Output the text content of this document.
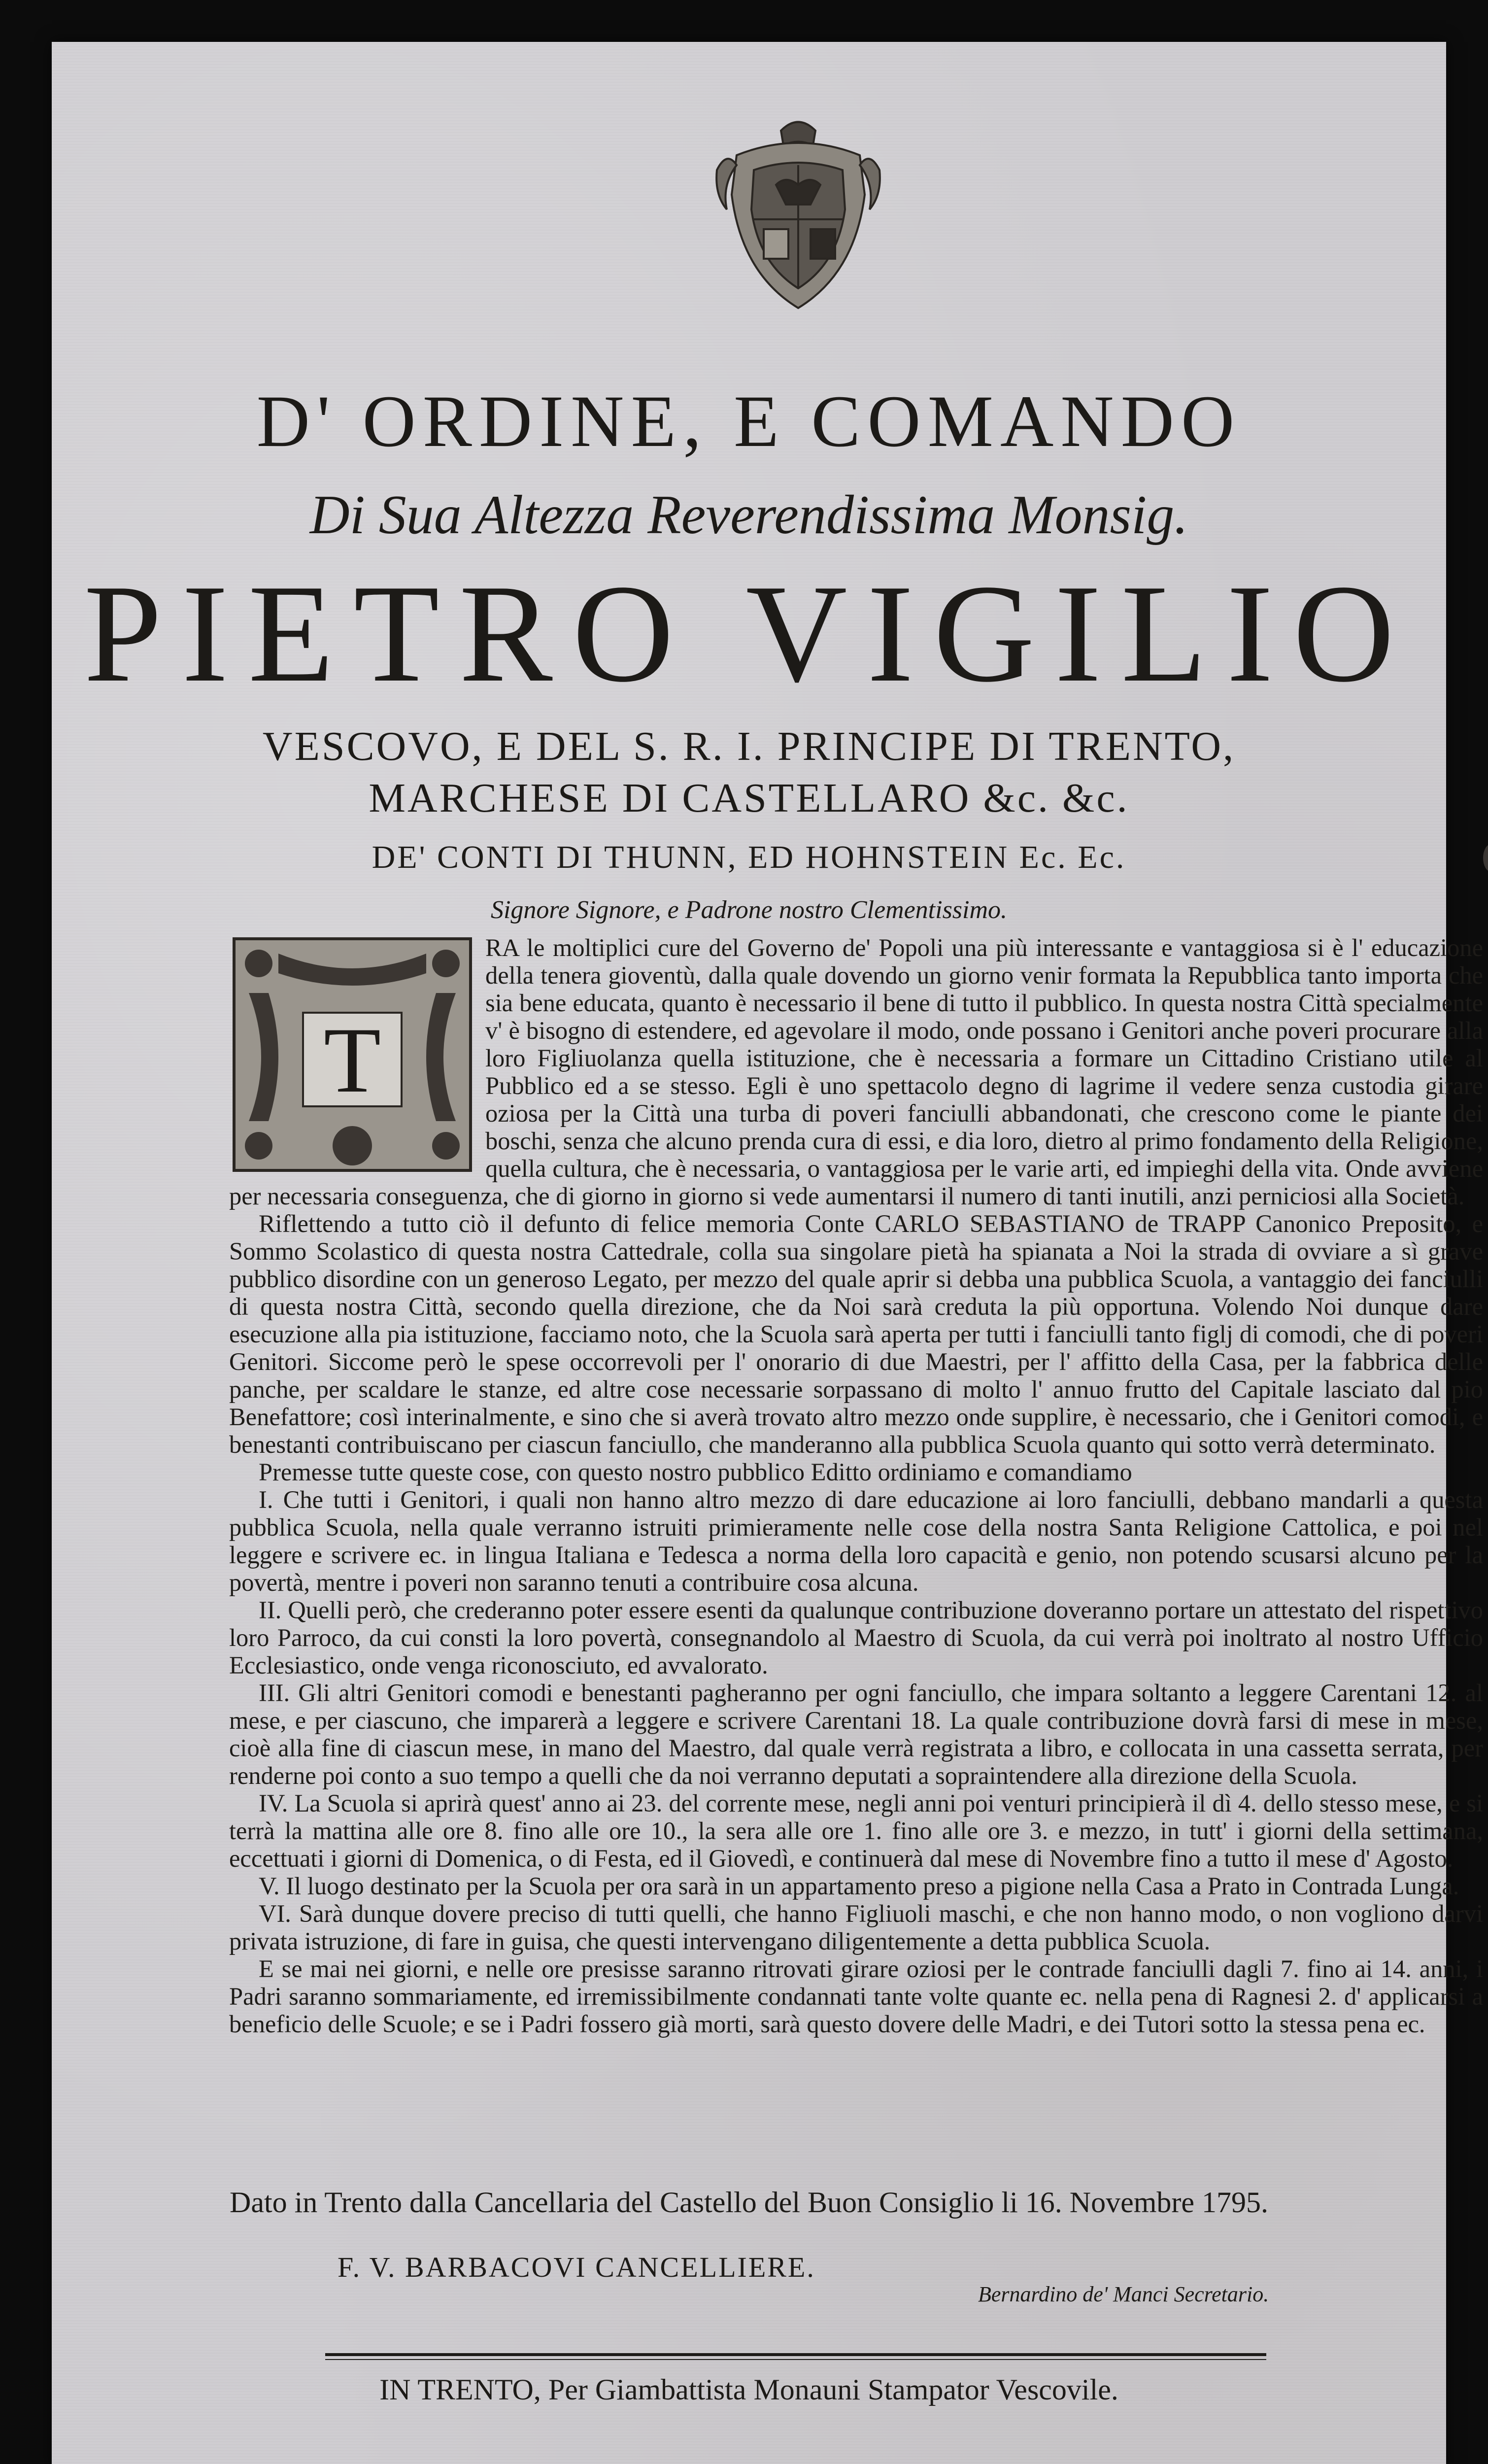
D' ORDINE, E COMANDO
Di Sua Altezza Reverendissima Monsig.
PIETRO VIGILIO
VESCOVO, E DEL S. R. I. PRINCIPE DI TRENTO,
MARCHESE DI CASTELLARO &c. &c.
DE' CONTI DI THUNN, ED HOHNSTEIN Ec. Ec.
Signore Signore, e Padrone nostro Clementissimo.
T

RA le moltiplici cure del Governo de' Popoli una più interessante e vantaggiosa si è l' educazione della tenera gioventù, dalla quale dovendo un giorno venir formata la Repubblica tanto importa che sia bene educata, quanto è necessario il bene di tutto il pubblico. In questa nostra Città specialmente v' è bisogno di estendere, ed agevolare il modo, onde possano i Genitori anche poveri procurare alla loro Figliuolanza quella istituzione, che è necessaria a formare un Cittadino Cristiano utile al Pubblico ed a se stesso. Egli è uno spettacolo degno di lagrime il vedere senza custodia girare oziosa per la Città una turba di poveri fanciulli abbandonati, che crescono come le piante dei boschi, senza che alcuno prenda cura di essi, e dia loro, dietro al primo fondamento della Religione, quella cultura, che è necessaria, o vantaggiosa per le varie arti, ed impieghi della vita. Onde avviene per necessaria conseguenza, che di giorno in giorno si vede aumentarsi il numero di tanti inutili, anzi perniciosi alla Società.

Riflettendo a tutto ciò il defunto di felice memoria Conte CARLO SEBASTIANO de TRAPP Canonico Preposito, e Sommo Scolastico di questa nostra Cattedrale, colla sua singolare pietà ha spianata a Noi la strada di ovviare a sì grave pubblico disordine con un generoso Legato, per mezzo del quale aprir si debba una pubblica Scuola, a vantaggio dei fanciulli di questa nostra Città, secondo quella direzione, che da Noi sarà creduta la più opportuna. Volendo Noi dunque dare esecuzione alla pia istituzione, facciamo noto, che la Scuola sarà aperta per tutti i fanciulli tanto figlj di comodi, che di poveri Genitori. Siccome però le spese occorrevoli per l' onorario di due Maestri, per l' affitto della Casa, per la fabbrica delle panche, per scaldare le stanze, ed altre cose necessarie sorpassano di molto l' annuo frutto del Capitale lasciato dal pio Benefattore; così interinalmente, e sino che si averà trovato altro mezzo onde supplire, è necessario, che i Genitori comodi, e benestanti contribuiscano per ciascun fanciullo, che manderanno alla pubblica Scuola quanto qui sotto verrà determinato.

Premesse tutte queste cose, con questo nostro pubblico Editto ordiniamo e comandiamo

I. Che tutti i Genitori, i quali non hanno altro mezzo di dare educazione ai loro fanciulli, debbano mandarli a questa pubblica Scuola, nella quale verranno istruiti primieramente nelle cose della nostra Santa Religione Cattolica, e poi nel leggere e scrivere ec. in lingua Italiana e Tedesca a norma della loro capacità e genio, non potendo scusarsi alcuno per la povertà, mentre i poveri non saranno tenuti a contribuire cosa alcuna.

II. Quelli però, che crederanno poter essere esenti da qualunque contribuzione doveranno portare un attestato del rispettivo loro Parroco, da cui consti la loro povertà, consegnandolo al Maestro di Scuola, da cui verrà poi inoltrato al nostro Ufficio Ecclesiastico, onde venga riconosciuto, ed avvalorato.

III. Gli altri Genitori comodi e benestanti pagheranno per ogni fanciullo, che impara soltanto a leggere Carentani 12. al mese, e per ciascuno, che imparerà a leggere e scrivere Carentani 18. La quale contribuzione dovrà farsi di mese in mese, cioè alla fine di ciascun mese, in mano del Maestro, dal quale verrà registrata a libro, e collocata in una cassetta serrata, per renderne poi conto a suo tempo a quelli che da noi verranno deputati a sopraintendere alla direzione della Scuola.

IV. La Scuola si aprirà quest' anno ai 23. del corrente mese, negli anni poi venturi principierà il dì 4. dello stesso mese, e si terrà la mattina alle ore 8. fino alle ore 10., la sera alle ore 1. fino alle ore 3. e mezzo, in tutt' i giorni della settimana, eccettuati i giorni di Domenica, o di Festa, ed il Giovedì, e continuerà dal mese di Novembre fino a tutto il mese d' Agosto.

V. Il luogo destinato per la Scuola per ora sarà in un appartamento preso a pigione nella Casa a Prato in Contrada Lunga.

VI. Sarà dunque dovere preciso di tutti quelli, che hanno Figliuoli maschi, e che non hanno modo, o non vogliono darvi privata istruzione, di fare in guisa, che questi intervengano diligentemente a detta pubblica Scuola.

E se mai nei giorni, e nelle ore presisse saranno ritrovati girare oziosi per le contrade fanciulli dagli 7. fino ai 14. anni, i Padri saranno sommariamente, ed irremissibilmente condannati tante volte quante ec. nella pena di Ragnesi 2. d' applicarsi a beneficio delle Scuole; e se i Padri fossero già morti, sarà questo dovere delle Madri, e dei Tutori sotto la stessa pena ec.

Dato in Trento dalla Cancellaria del Castello del Buon Consiglio li 16. Novembre 1795.
F. V. BARBACOVI CANCELLIERE.
Bernardino de' Manci Secretario.
IN TRENTO, Per Giambattista Monauni Stampator Vescovile.
